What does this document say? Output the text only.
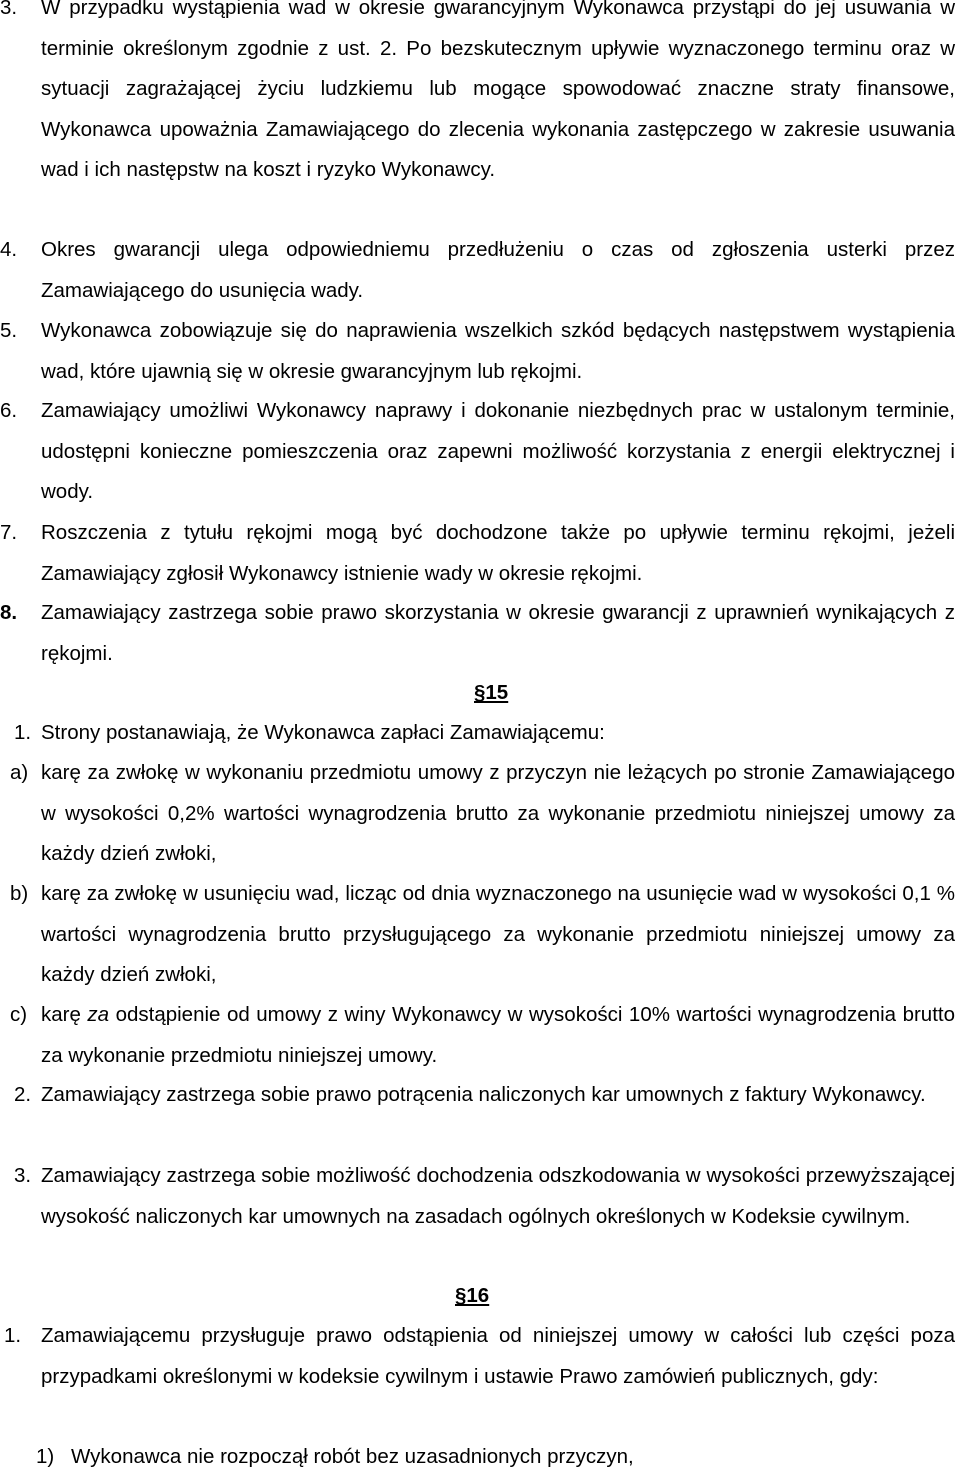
3. W przypadku wystąpienia wad w okresie gwarancyjnym Wykonawca przystąpi do jej usuwania w terminie określonym zgodnie z ust. 2. Po bezskutecznym upływie wyznaczonego terminu oraz w sytuacji zagrażającej życiu ludzkiemu lub mogące spowodować znaczne straty finansowe, Wykonawca upoważnia Zamawiającego do zlecenia wykonania zastępczego w zakresie usuwania wad i ich następstw na koszt i ryzyko Wykonawcy.
4. Okres gwarancji ulega odpowiedniemu przedłużeniu o czas od zgłoszenia usterki przez Zamawiającego do usunięcia wady.
5. Wykonawca zobowiązuje się do naprawienia wszelkich szkód będących następstwem wystąpienia wad, które ujawnią się w okresie gwarancyjnym lub rękojmi.
6. Zamawiający umożliwi Wykonawcy naprawy i dokonanie niezbędnych prac w ustalonym terminie, udostępni konieczne pomieszczenia oraz zapewni możliwość korzystania z energii elektrycznej i wody.
7. Roszczenia z tytułu rękojmi mogą być dochodzone także po upływie terminu rękojmi, jeżeli Zamawiający zgłosił Wykonawcy istnienie wady w okresie rękojmi.
8. Zamawiający zastrzega sobie prawo skorzystania w okresie gwarancji z uprawnień wynikających z rękojmi.
§15
1. Strony postanawiają, że Wykonawca zapłaci Zamawiającemu:
a) karę za zwłokę w wykonaniu przedmiotu umowy z przyczyn nie leżących po stronie Zamawiającego w wysokości 0,2% wartości wynagrodzenia brutto za wykonanie przedmiotu niniejszej umowy za każdy dzień zwłoki,
b) karę za zwłokę w usunięciu wad, licząc od dnia wyznaczonego na usunięcie wad w wysokości 0,1 % wartości wynagrodzenia brutto przysługującego za wykonanie przedmiotu niniejszej umowy za każdy dzień zwłoki,
c) karę za odstąpienie od umowy z winy Wykonawcy w wysokości 10% wartości wynagrodzenia brutto za wykonanie przedmiotu niniejszej umowy.
2. Zamawiający zastrzega sobie prawo potrącenia naliczonych kar umownych z faktury Wykonawcy.
3. Zamawiający zastrzega sobie możliwość dochodzenia odszkodowania w wysokości przewyższającej wysokość naliczonych kar umownych na zasadach ogólnych określonych w Kodeksie cywilnym.
§16
1. Zamawiającemu przysługuje prawo odstąpienia od niniejszej umowy w całości lub części poza przypadkami określonymi w kodeksie cywilnym i ustawie Prawo zamówień publicznych, gdy:
1) Wykonawca nie rozpoczął robót bez uzasadnionych przyczyn,
